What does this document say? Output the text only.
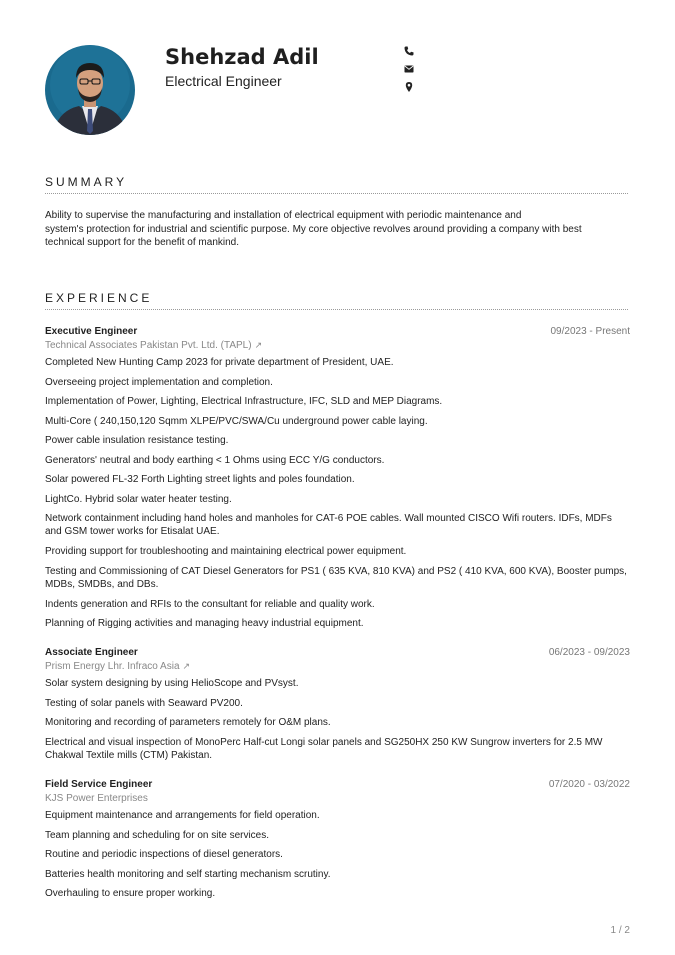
Shehzad Adil
Electrical Engineer
SUMMARY

Ability to supervise the manufacturing and installation of electrical equipment with periodic maintenance and

system's protection for industrial and scientific purpose. My core objective revolves around providing a company with best

technical support for the benefit of mankind.

EXPERIENCE
Executive Engineer	09/2023 - Present
Technical Associates Pakistan Pvt. Ltd. (TAPL) ↗
Completed New Hunting Camp 2023 for private department of President, UAE.
Overseeing project implementation and completion.
Implementation of Power, Lighting, Electrical Infrastructure, IFC, SLD and MEP Diagrams.
Multi-Core ( 240,150,120 Sqmm XLPE/PVC/SWA/Cu underground power cable laying.
Power cable insulation resistance testing.
Generators' neutral and body earthing < 1 Ohms using ECC Y/G conductors.
Solar powered FL-32 Forth Lighting street lights and poles foundation.
LightCo. Hybrid solar water heater testing.
Network containment including hand holes and manholes for CAT-6 POE cables. Wall mounted CISCO Wifi routers. IDFs, MDFs and GSM tower works for Etisalat UAE.
Providing support for troubleshooting and maintaining electrical power equipment.
Testing and Commissioning of CAT Diesel Generators for PS1 ( 635 KVA, 810 KVA) and PS2 ( 410 KVA, 600 KVA), Booster pumps, MDBs, SMDBs, and DBs.
Indents generation and RFIs to the consultant for reliable and quality work.
Planning of Rigging activities and managing heavy industrial equipment.
Associate Engineer	06/2023 - 09/2023
Prism Energy Lhr. Infraco Asia ↗
Solar system designing by using HelioScope and PVsyst.
Testing of solar panels with Seaward PV200.
Monitoring and recording of parameters remotely for O&M plans.
Electrical and visual inspection of MonoPerc Half-cut Longi solar panels and SG250HX 250 KW Sungrow inverters for 2.5 MW Chakwal Textile mills (CTM) Pakistan.
Field Service Engineer	07/2020 - 03/2022
KJS Power Enterprises
Equipment maintenance and arrangements for field operation.
Team planning and scheduling for on site services.
Routine and periodic inspections of diesel generators.
Batteries health monitoring and self starting mechanism scrutiny.
Overhauling to ensure proper working.
1 / 2
